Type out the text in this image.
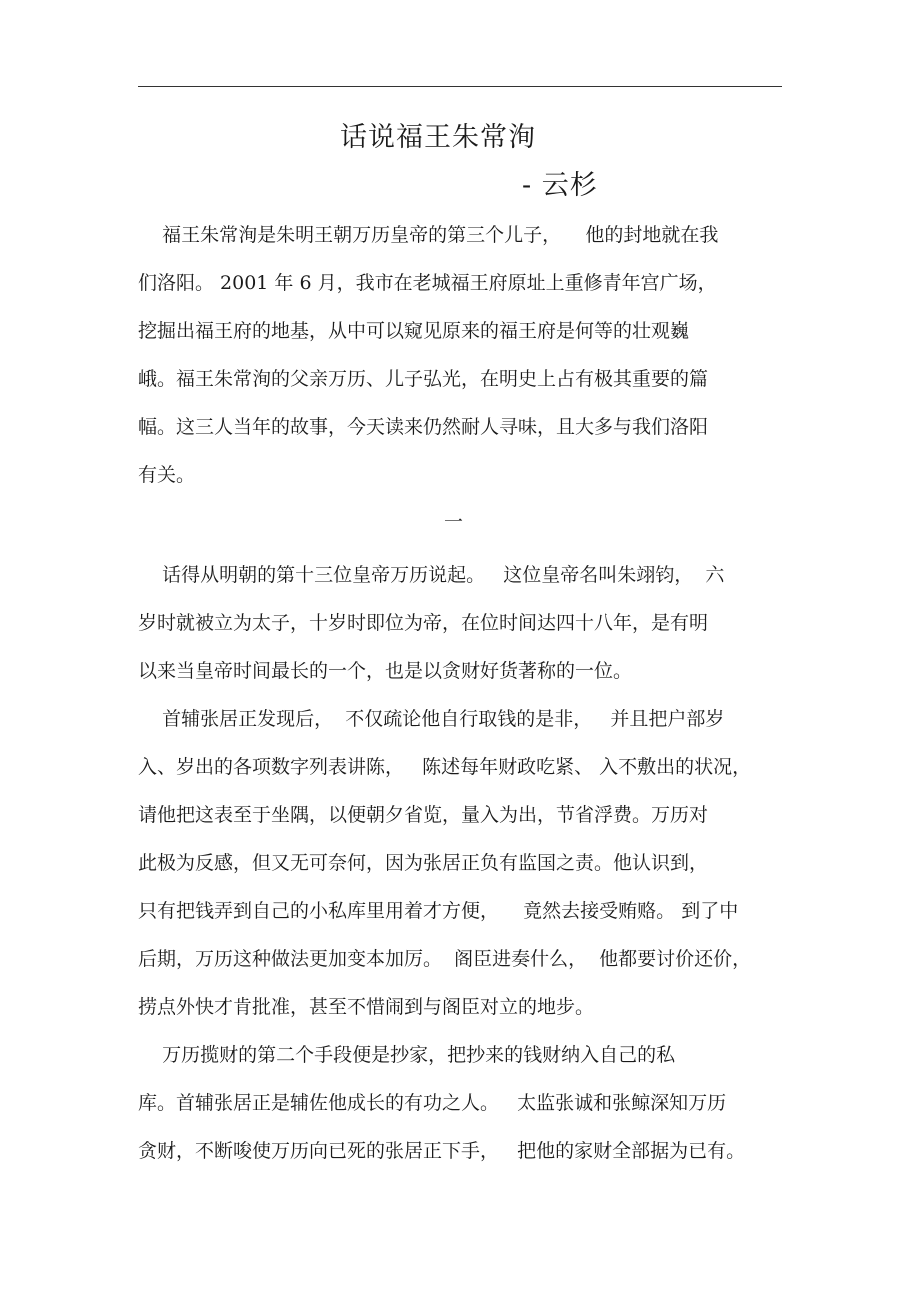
话说福王朱常洵
- 云杉
福王朱常洵是朱明王朝万历皇帝的第三个儿子，    他的封地就在我
们洛阳。 2001 年 6 月，我市在老城福王府原址上重修青年宫广场，
挖掘出福王府的地基，从中可以窥见原来的福王府是何等的壮观巍
峨。福王朱常洵的父亲万历、儿子弘光，在明史上占有极其重要的篇
幅。这三人当年的故事，今天读来仍然耐人寻味，且大多与我们洛阳
有关。
话得从明朝的第十三位皇帝万历说起。   这位皇帝名叫朱翊钧，  六
岁时就被立为太子，十岁时即位为帝，在位时间达四十八年，是有明
以来当皇帝时间最长的一个，也是以贪财好货著称的一位。
首辅张居正发现后，  不仅疏论他自行取钱的是非，   并且把户部岁
入、岁出的各项数字列表讲陈，   陈述每年财政吃紧、 入不敷出的状况，
请他把这表至于坐隅，以便朝夕省览，量入为出，节省浮费。万历对
此极为反感，但又无可奈何，因为张居正负有监国之责。他认识到，
只有把钱弄到自己的小私库里用着才方便，    竟然去接受贿赂。 到了中
后期，万历这种做法更加变本加厉。  阁臣进奏什么，  他都要讨价还价，
捞点外快才肯批准，甚至不惜闹到与阁臣对立的地步。
万历揽财的第二个手段便是抄家，把抄来的钱财纳入自己的私
库。首辅张居正是辅佐他成长的有功之人。   太监张诚和张鲸深知万历
贪财，不断唆使万历向已死的张居正下手，   把他的家财全部据为已有。
一
